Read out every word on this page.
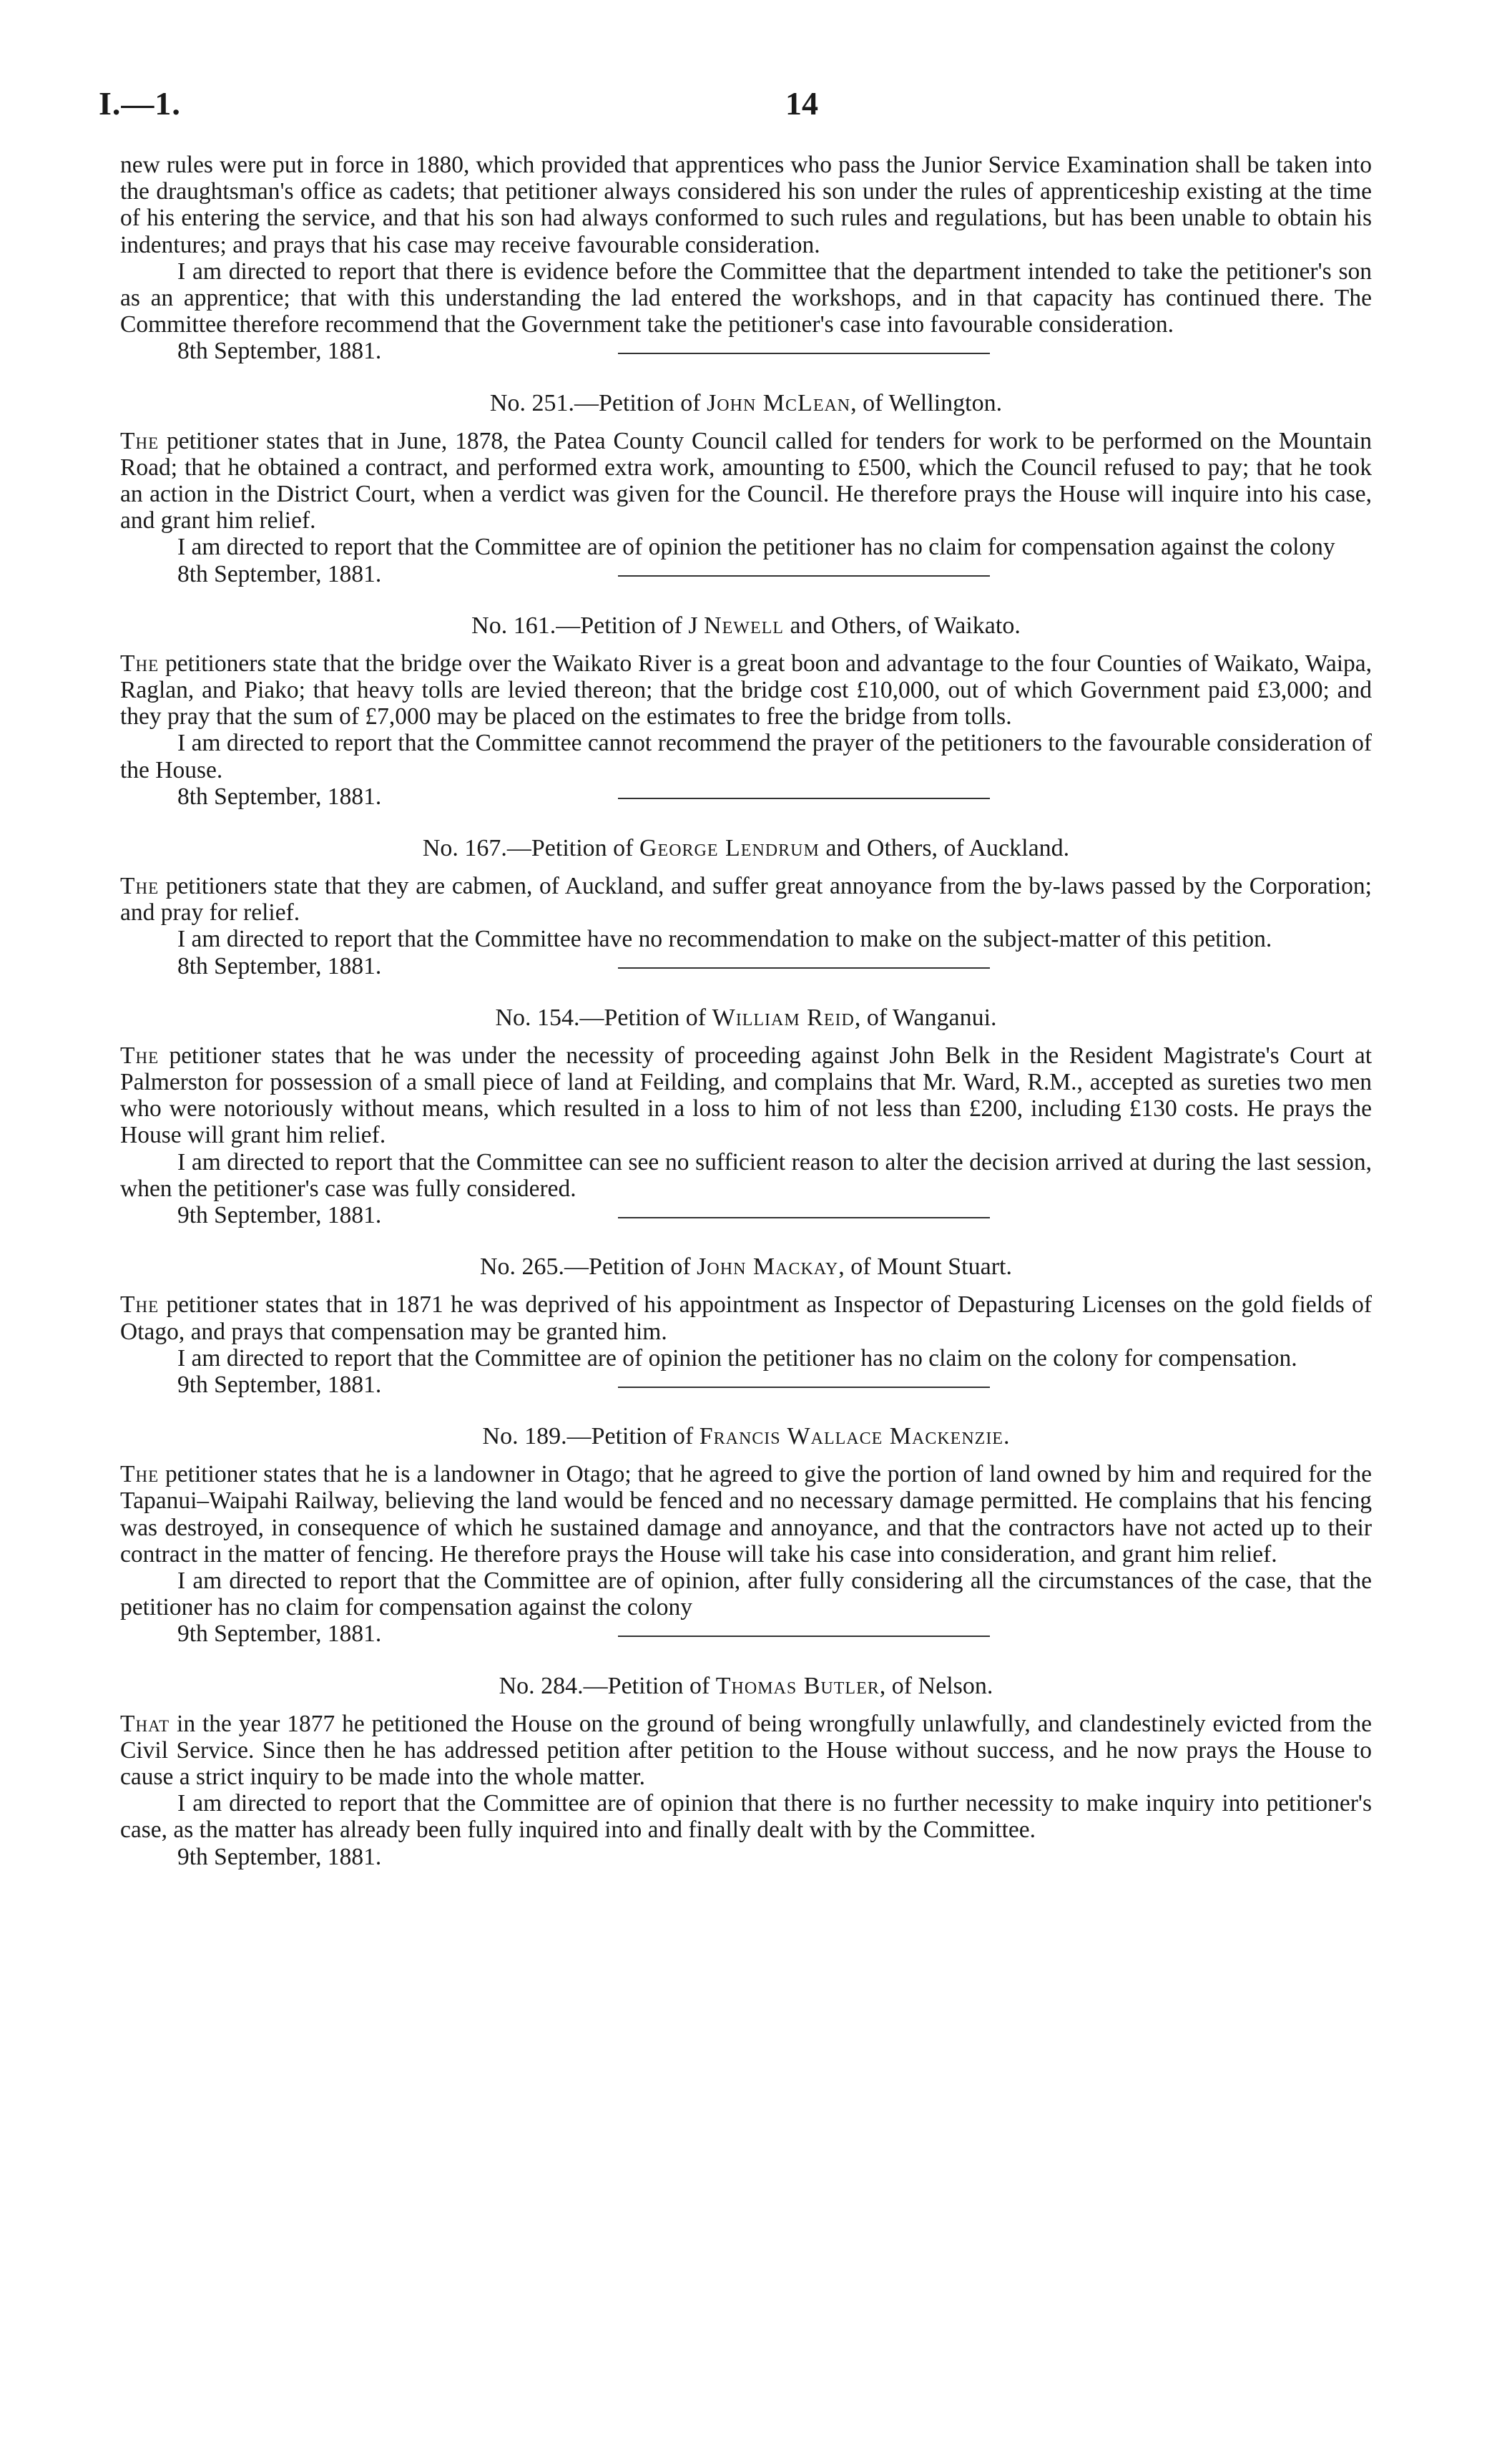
I.—1.	14

new rules were put in force in 1880, which provided that apprentices who pass the Junior Service Examination shall be taken into the draughtsman's office as cadets; that petitioner always considered his son under the rules of apprenticeship existing at the time of his entering the service, and that his son had always conformed to such rules and regulations, but has been unable to obtain his indentures; and prays that his case may receive favourable consideration.

I am directed to report that there is evidence before the Committee that the department intended to take the petitioner's son as an apprentice; that with this understanding the lad entered the workshops, and in that capacity has continued there. The Committee therefore recommend that the Government take the petitioner's case into favourable consideration.

8th September, 1881.
No. 251.—Petition of John McLean, of Wellington.

The petitioner states that in June, 1878, the Patea County Council called for tenders for work to be performed on the Mountain Road; that he obtained a contract, and performed extra work, amounting to £500, which the Council refused to pay; that he took an action in the District Court, when a verdict was given for the Council. He therefore prays the House will inquire into his case, and grant him relief.

I am directed to report that the Committee are of opinion the petitioner has no claim for compensation against the colony

8th September, 1881.
No. 161.—Petition of J Newell and Others, of Waikato.

The petitioners state that the bridge over the Waikato River is a great boon and advantage to the four Counties of Waikato, Waipa, Raglan, and Piako; that heavy tolls are levied thereon; that the bridge cost £10,000, out of which Government paid £3,000; and they pray that the sum of £7,000 may be placed on the estimates to free the bridge from tolls.

I am directed to report that the Committee cannot recommend the prayer of the petitioners to the favourable consideration of the House.

8th September, 1881.
No. 167.—Petition of George Lendrum and Others, of Auckland.

The petitioners state that they are cabmen, of Auckland, and suffer great annoyance from the by-laws passed by the Corporation; and pray for relief.

I am directed to report that the Committee have no recommendation to make on the subject-matter of this petition.

8th September, 1881.
No. 154.—Petition of William Reid, of Wanganui.

The petitioner states that he was under the necessity of proceeding against John Belk in the Resident Magistrate's Court at Palmerston for possession of a small piece of land at Feilding, and complains that Mr. Ward, R.M., accepted as sureties two men who were notoriously without means, which resulted in a loss to him of not less than £200, including £130 costs. He prays the House will grant him relief.

I am directed to report that the Committee can see no sufficient reason to alter the decision arrived at during the last session, when the petitioner's case was fully considered.

9th September, 1881.
No. 265.—Petition of John Mackay, of Mount Stuart.

The petitioner states that in 1871 he was deprived of his appointment as Inspector of Depasturing Licenses on the gold fields of Otago, and prays that compensation may be granted him.

I am directed to report that the Committee are of opinion the petitioner has no claim on the colony for compensation.

9th September, 1881.
No. 189.—Petition of Francis Wallace Mackenzie.

The petitioner states that he is a landowner in Otago; that he agreed to give the portion of land owned by him and required for the Tapanui–Waipahi Railway, believing the land would be fenced and no necessary damage permitted. He complains that his fencing was destroyed, in consequence of which he sustained damage and annoyance, and that the contractors have not acted up to their contract in the matter of fencing. He therefore prays the House will take his case into consideration, and grant him relief.

I am directed to report that the Committee are of opinion, after fully considering all the circumstances of the case, that the petitioner has no claim for compensation against the colony

9th September, 1881.
No. 284.—Petition of Thomas Butler, of Nelson.

That in the year 1877 he petitioned the House on the ground of being wrongfully unlawfully, and clandestinely evicted from the Civil Service. Since then he has addressed petition after petition to the House without success, and he now prays the House to cause a strict inquiry to be made into the whole matter.

I am directed to report that the Committee are of opinion that there is no further necessity to make inquiry into petitioner's case, as the matter has already been fully inquired into and finally dealt with by the Committee.

9th September, 1881.
